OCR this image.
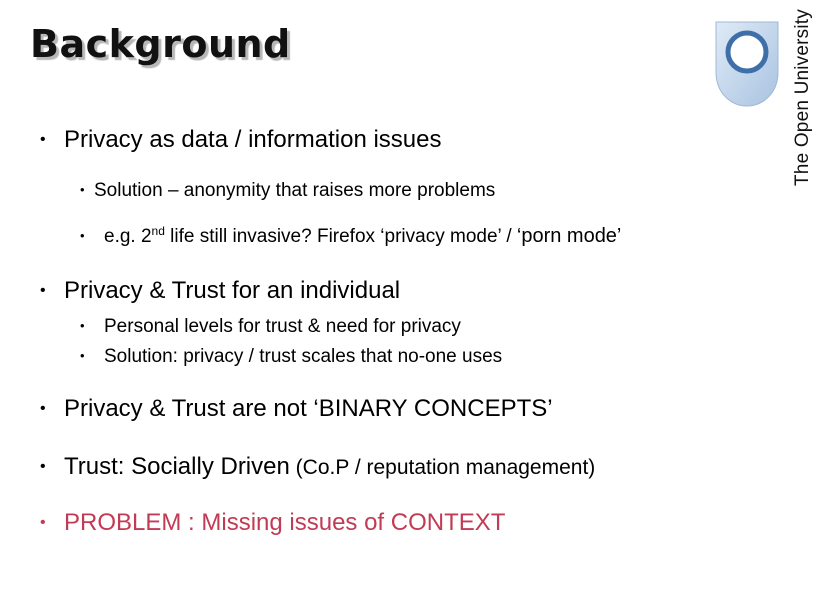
Background	The Open University
• Privacy as data / information issues
• Solution – anonymity that raises more problems
• e.g. 2nd life still invasive? Firefox ‘privacy mode’ / ‘porn mode’
• Privacy & Trust for an individual
• Personal levels for trust & need for privacy
• Solution: privacy / trust scales that no-one uses
• Privacy & Trust are not ‘BINARY CONCEPTS’
• Trust: Socially Driven (Co.P / reputation management)
• PROBLEM : Missing issues of CONTEXT
